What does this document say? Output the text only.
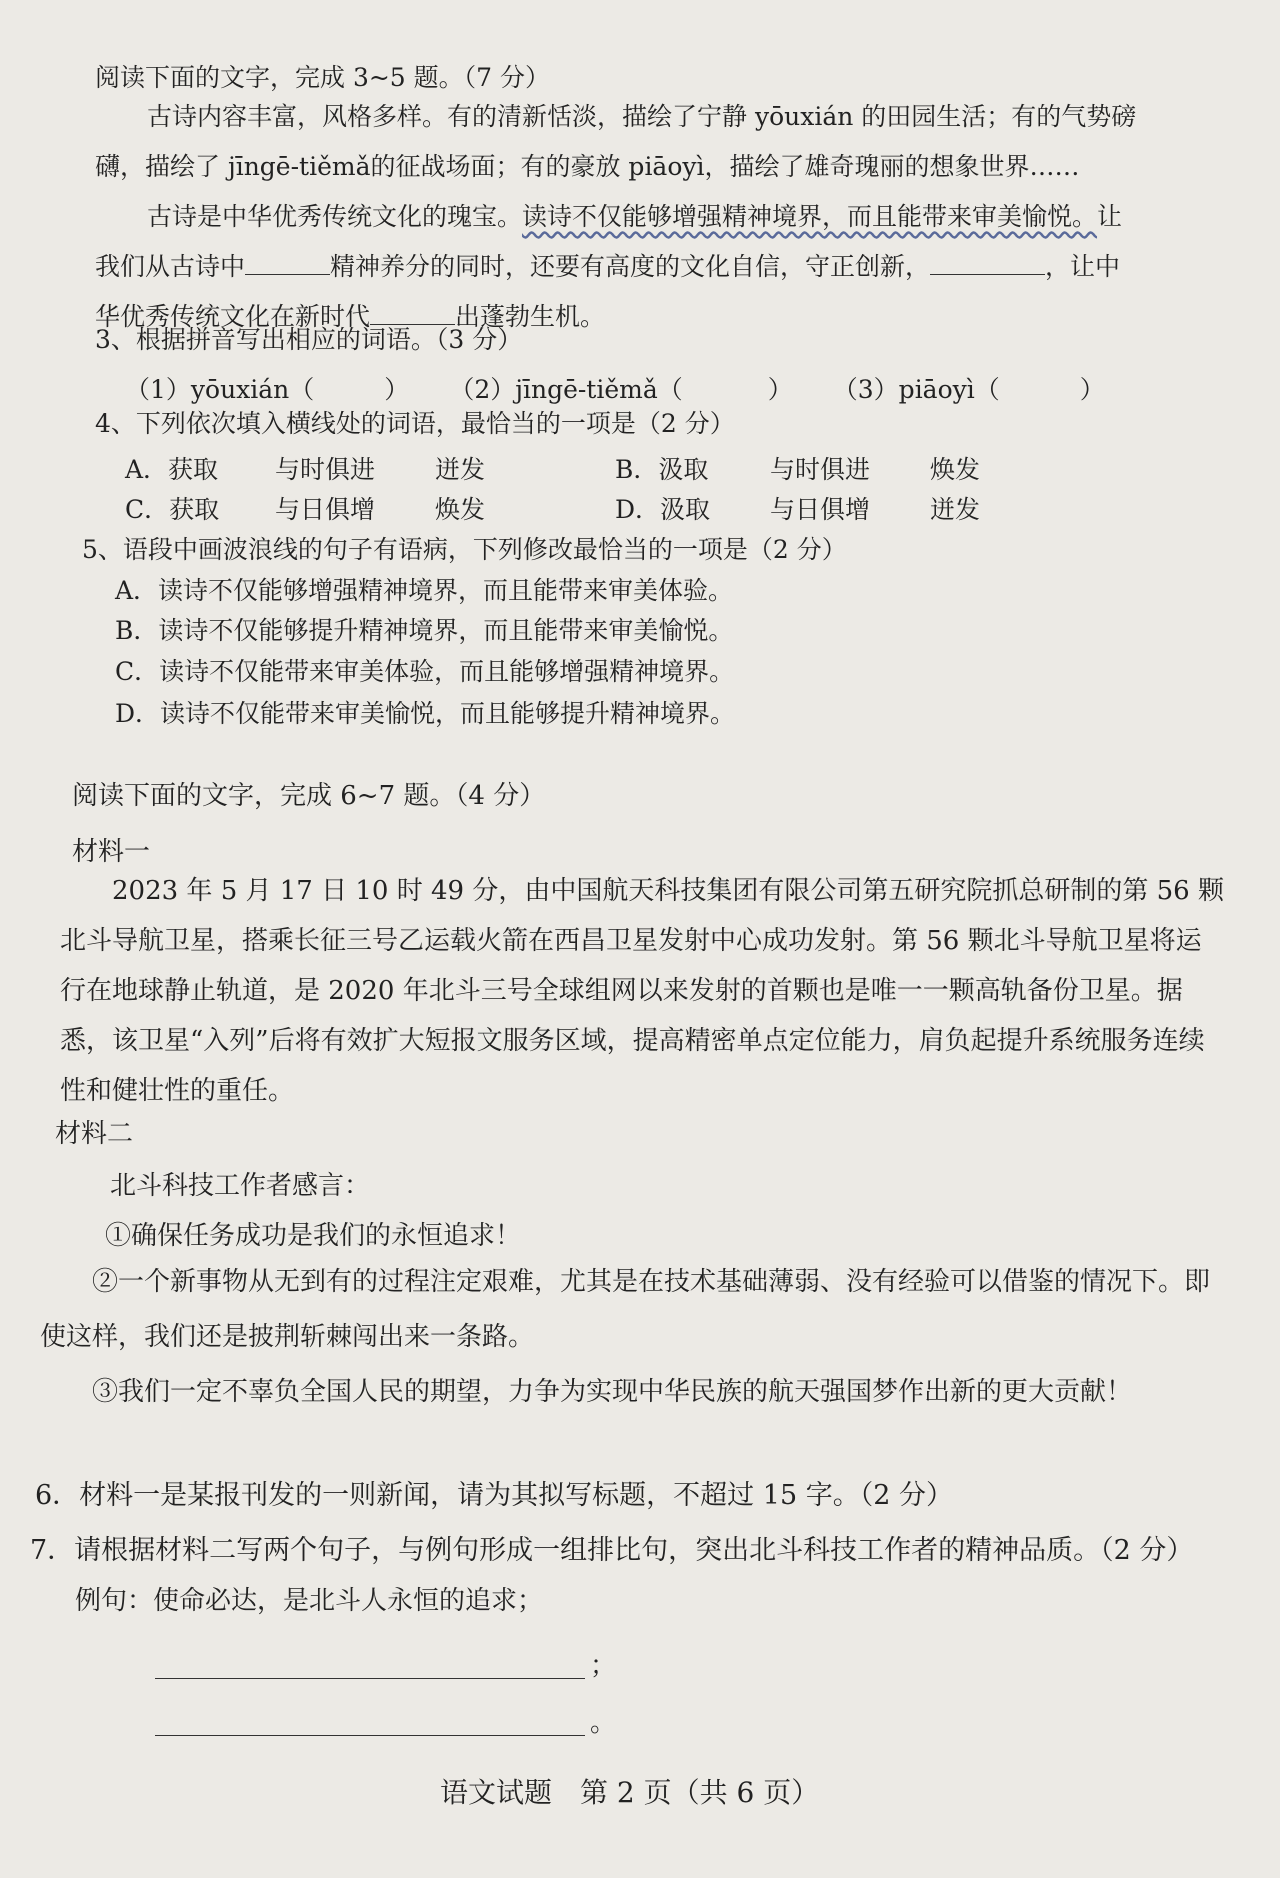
阅读下面的文字，完成 3~5 题。（7 分）
古诗内容丰富，风格多样。有的清新恬淡，描绘了宁静 yōuxián 的田园生活；有的气势磅礴，描绘了 jīngē-tiěmǎ的征战场面；有的豪放 piāoyì，描绘了雄奇瑰丽的想象世界……
古诗是中华优秀传统文化的瑰宝。读诗不仅能够增强精神境界，而且能带来审美愉悦。让我们从古诗中	精神养分的同时，还要有高度的文化自信，守正创新，	，让中华优秀传统文化在新时代	出蓬勃生机。
3、根据拼音写出相应的词语。（3 分）
（1）yōuxián（	） （2）jīngē-tiěmǎ（	） （3）piāoyì（	）
4、下列依次填入横线处的词语，最恰当的一项是（2 分）
A．获取 与时俱进 迸发	B．汲取 与时俱进 焕发
C．获取 与日俱增 焕发	D．汲取 与日俱增 迸发
5、语段中画波浪线的句子有语病，下列修改最恰当的一项是（2 分）
A．读诗不仅能够增强精神境界，而且能带来审美体验。
B．读诗不仅能够提升精神境界，而且能带来审美愉悦。
C．读诗不仅能带来审美体验，而且能够增强精神境界。
D．读诗不仅能带来审美愉悦，而且能够提升精神境界。
阅读下面的文字，完成 6~7 题。（4 分）
材料一
2023 年 5 月 17 日 10 时 49 分，由中国航天科技集团有限公司第五研究院抓总研制的第 56 颗北斗导航卫星，搭乘长征三号乙运载火箭在西昌卫星发射中心成功发射。第 56 颗北斗导航卫星将运行在地球静止轨道，是 2020 年北斗三号全球组网以来发射的首颗也是唯一一颗高轨备份卫星。据悉，该卫星“入列”后将有效扩大短报文服务区域，提高精密单点定位能力，肩负起提升系统服务连续性和健壮性的重任。
材料二
北斗科技工作者感言：
①确保任务成功是我们的永恒追求！
②一个新事物从无到有的过程注定艰难，尤其是在技术基础薄弱、没有经验可以借鉴的情况下。即使这样，我们还是披荆斩棘闯出来一条路。
③我们一定不辜负全国人民的期望，力争为实现中华民族的航天强国梦作出新的更大贡献！
6．材料一是某报刊发的一则新闻，请为其拟写标题，不超过 15 字。（2 分）
7．请根据材料二写两个句子，与例句形成一组排比句，突出北斗科技工作者的精神品质。（2 分）
例句：使命必达，是北斗人永恒的追求；
；
。
语文试题　第 2 页（共 6 页）
